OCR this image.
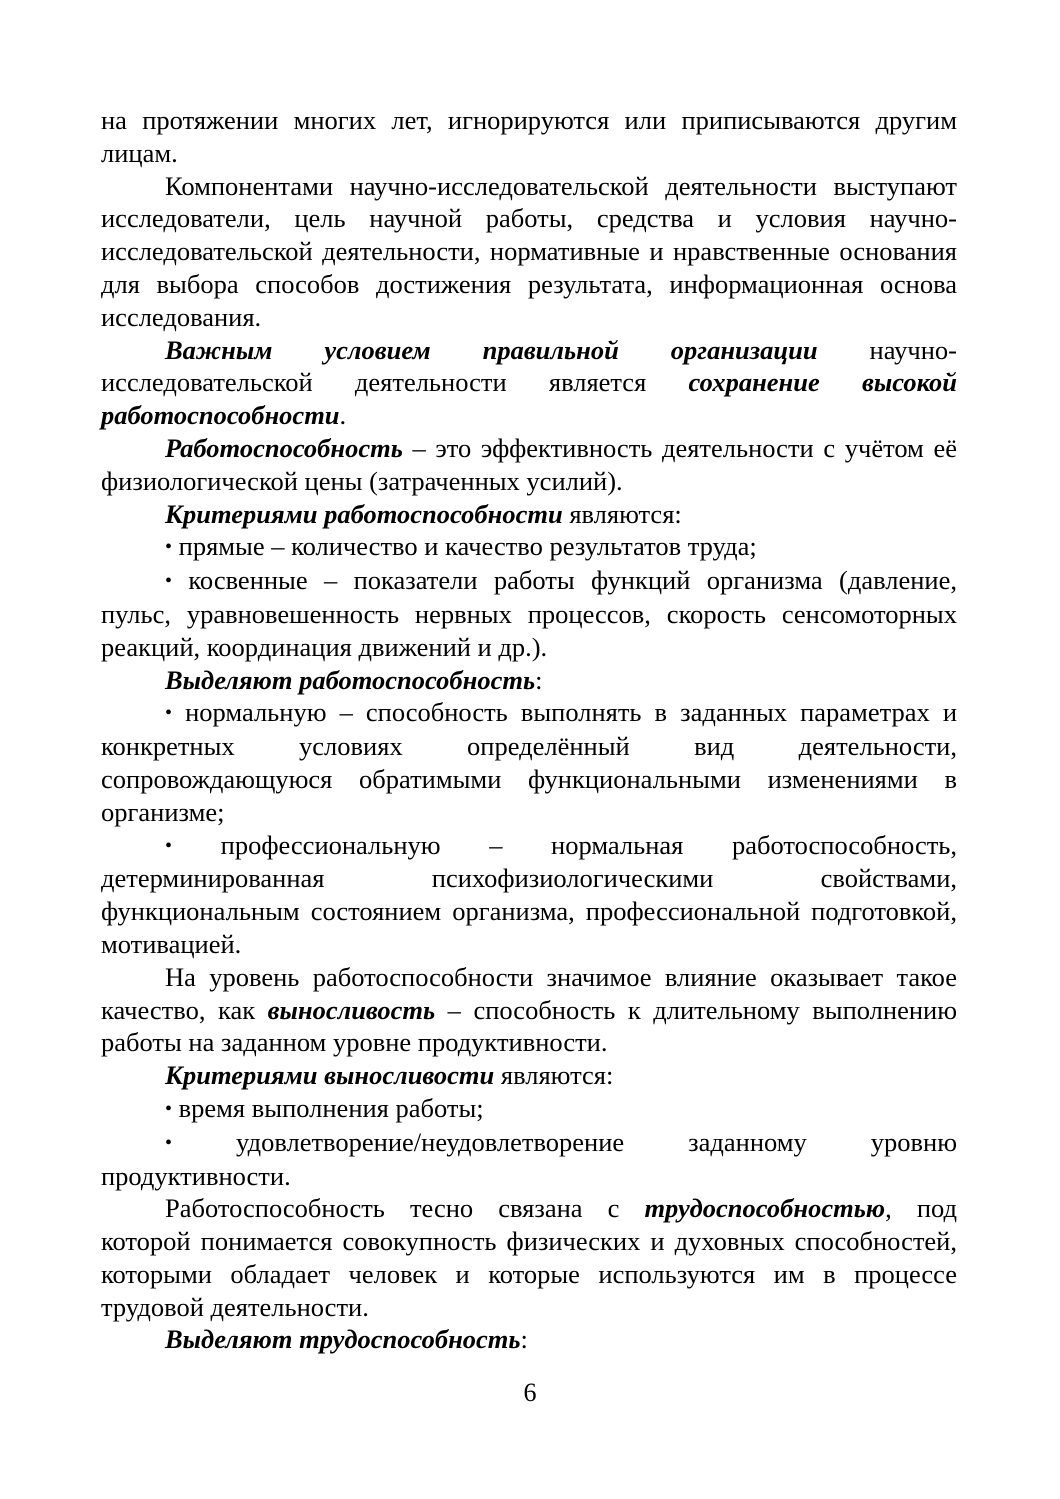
на протяжении многих лет, игнорируются или приписываются другим лицам.

Компонентами научно-исследовательской деятельности выступают исследователи, цель научной работы, средства и условия научно-исследовательской деятельности, нормативные и нравственные основания для выбора способов достижения результата, информационная основа исследования.

Важным условием правильной организации научно-исследовательской деятельности является сохранение высокой работоспособности.

Работоспособность – это эффективность деятельности с учётом её физиологической цены (затраченных усилий).

Критериями работоспособности являются:

• прямые – количество и качество результатов труда;

• косвенные – показатели работы функций организма (давление, пульс, уравновешенность нервных процессов, скорость сенсомоторных реакций, координация движений и др.).

Выделяют работоспособность:

• нормальную – способность выполнять в заданных параметрах и конкретных условиях определённый вид деятельности, сопровождающуюся обратимыми функциональными изменениями в организме;

• профессиональную – нормальная работоспособность, детерминированная психофизиологическими свойствами, функциональным состоянием организма, профессиональной подготовкой, мотивацией.

На уровень работоспособности значимое влияние оказывает такое качество, как выносливость – способность к длительному выполнению работы на заданном уровне продуктивности.

Критериями выносливости являются:

• время выполнения работы;

• удовлетворение/неудовлетворение заданному уровню продуктивности.

Работоспособность тесно связана с трудоспособностью, под которой понимается совокупность физических и духовных способностей, которыми обладает человек и которые используются им в процессе трудовой деятельности.

Выделяют трудоспособность:

6
